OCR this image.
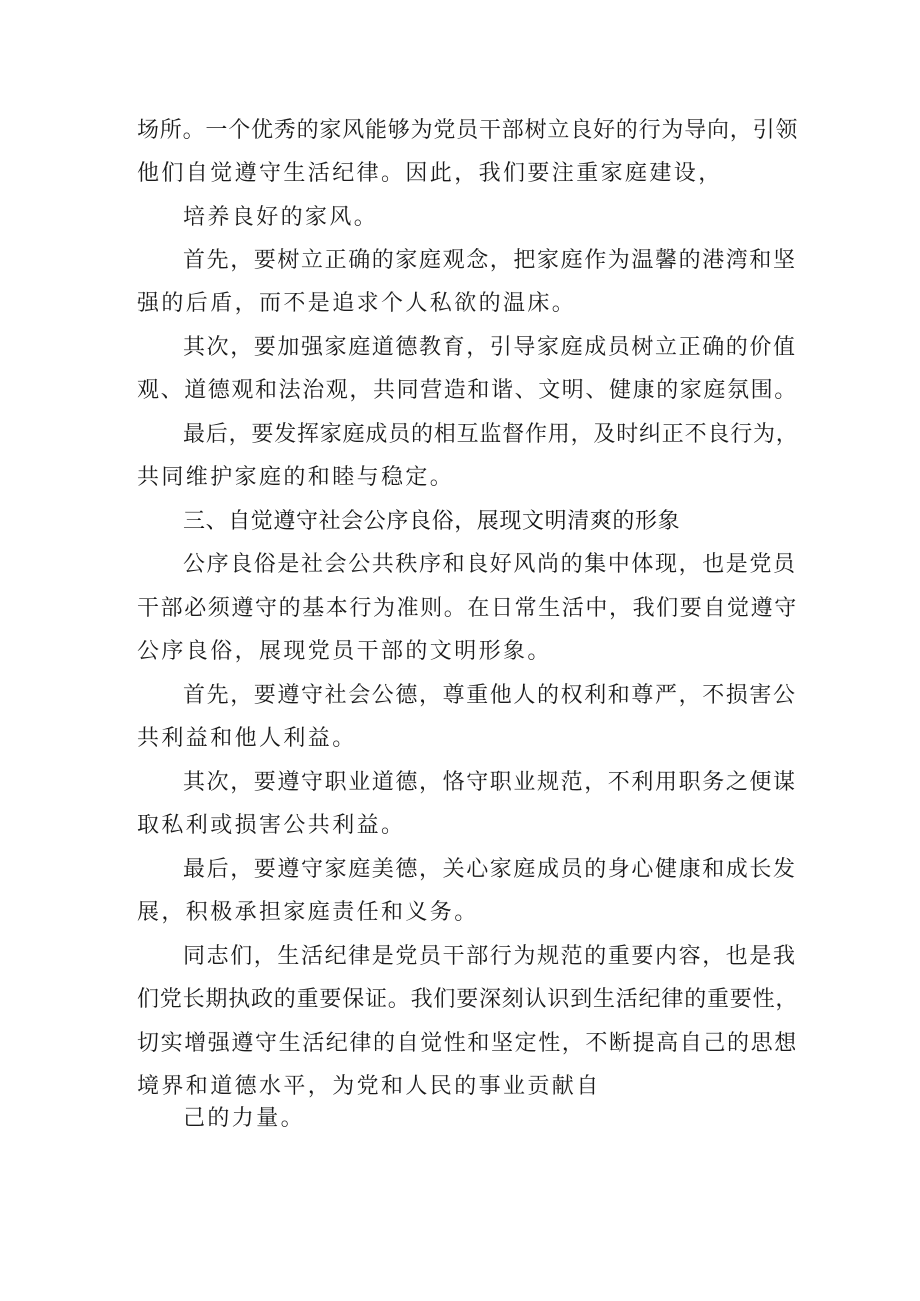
场所。一个优秀的家风能够为党员干部树立良好的行为导向，引领
他们自觉遵守生活纪律。因此，我们要注重家庭建设，
培养良好的家风。
首先，要树立正确的家庭观念，把家庭作为温馨的港湾和坚
强的后盾，而不是追求个人私欲的温床。
其次，要加强家庭道德教育，引导家庭成员树立正确的价值
观、道德观和法治观，共同营造和谐、文明、健康的家庭氛围。
最后，要发挥家庭成员的相互监督作用，及时纠正不良行为，
共同维护家庭的和睦与稳定。
三、自觉遵守社会公序良俗，展现文明清爽的形象
公序良俗是社会公共秩序和良好风尚的集中体现，也是党员
干部必须遵守的基本行为准则。在日常生活中，我们要自觉遵守
公序良俗，展现党员干部的文明形象。
首先，要遵守社会公德，尊重他人的权利和尊严，不损害公
共利益和他人利益。
其次，要遵守职业道德，恪守职业规范，不利用职务之便谋
取私利或损害公共利益。
最后，要遵守家庭美德，关心家庭成员的身心健康和成长发
展，积极承担家庭责任和义务。
同志们，生活纪律是党员干部行为规范的重要内容，也是我
们党长期执政的重要保证。我们要深刻认识到生活纪律的重要性，
切实增强遵守生活纪律的自觉性和坚定性，不断提高自己的思想
境界和道德水平，为党和人民的事业贡献自
己的力量。
